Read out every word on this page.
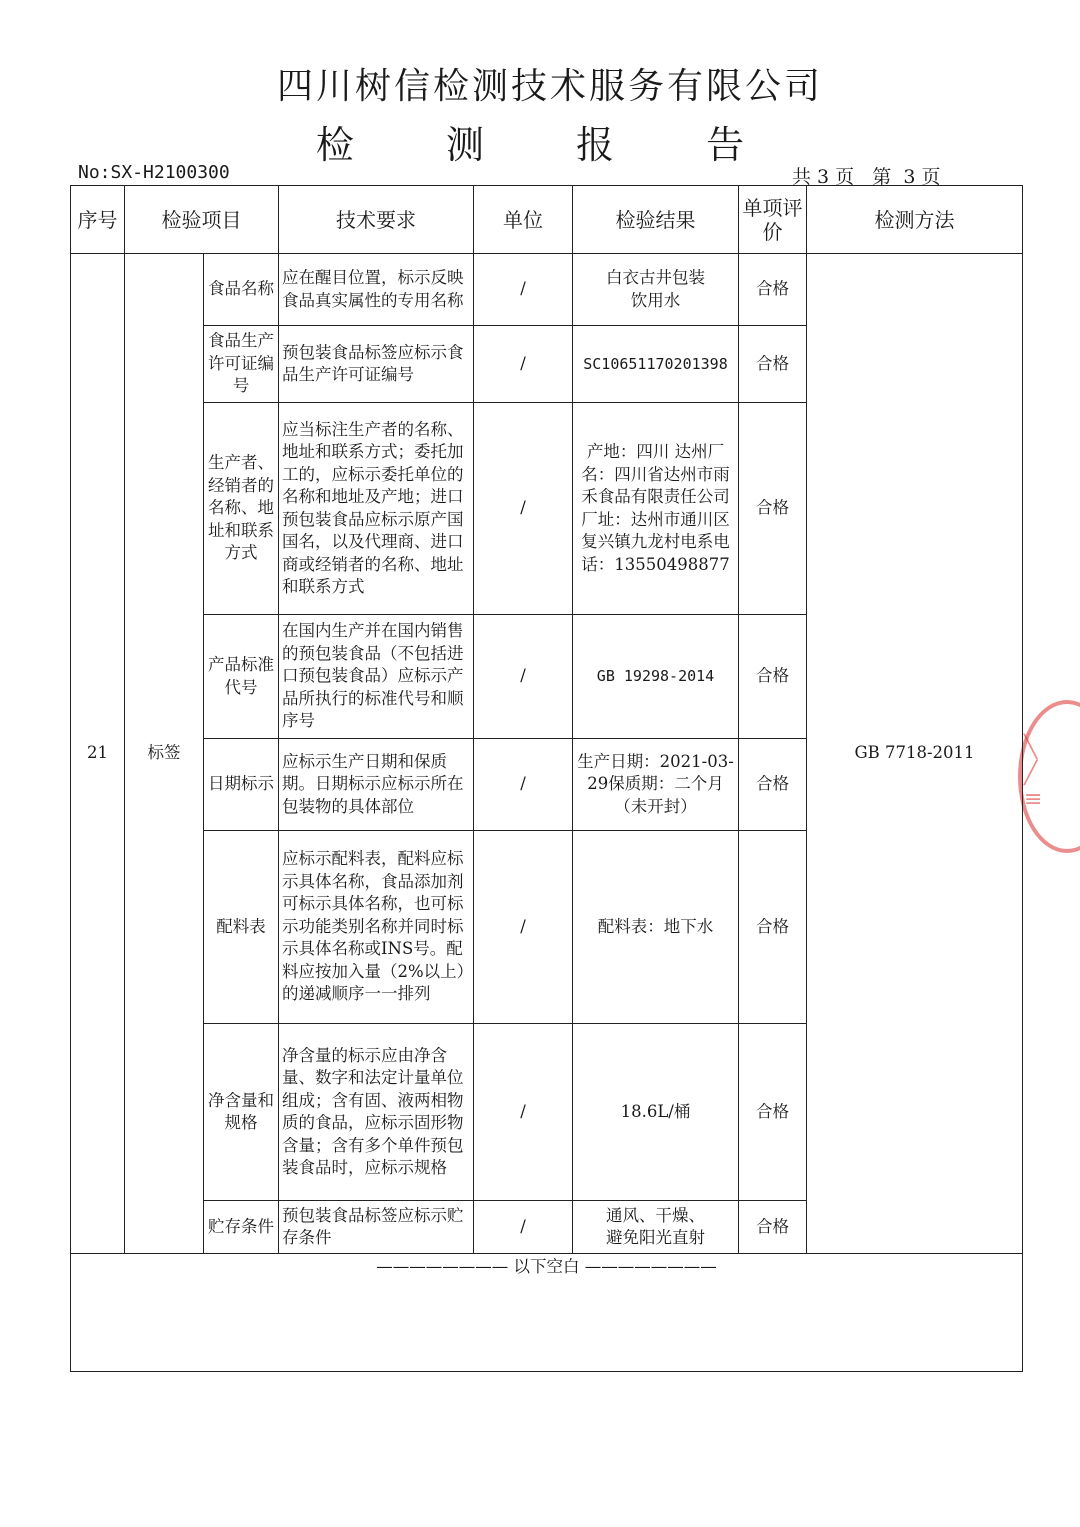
四川树信检测技术服务有限公司
检 测 报 告
No:SX-H2100300	共 3 页   第  3 页
╲
╱
≡
序号	检验项目		技术要求	单位	检验结果	单项评价	检测方法
21	标签	食品名称	应在醒目位置，标示反映食品真实属性的专用名称	/	白衣古井包装饮用水	合格	GB 7718-2011
		食品生产许可证编号	预包装食品标签应标示食品生产许可证编号	/	SC10651170201398	合格	
		生产者、经销者的名称、地址和联系方式	应当标注生产者的名称、地址和联系方式；委托加工的，应标示委托单位的名称和地址及产地；进口预包装食品应标示原产国国名，以及代理商、进口商或经销者的名称、地址和联系方式	/	产地：四川 达州厂名：四川省达州市雨禾食品有限责任公司厂址：达州市通川区复兴镇九龙村电系电话：13550498877	合格	
		产品标准代号	在国内生产并在国内销售的预包装食品（不包括进口预包装食品）应标示产品所执行的标准代号和顺序号	/	GB 19298-2014	合格	
		日期标示	应标示生产日期和保质期。日期标示应标示所在包装物的具体部位	/	生产日期：2021-03-29保质期：二个月（未开封）	合格	
		配料表	应标示配料表，配料应标示具体名称，食品添加剂可标示具体名称，也可标示功能类别名称并同时标示具体名称或INS号。配料应按加入量（2%以上）的递减顺序一一排列	/	配料表：地下水	合格	
		净含量和规格	净含量的标示应由净含量、数字和法定计量单位组成；含有固、液两相物质的食品，应标示固形物含量；含有多个单件预包装食品时，应标示规格	/	18.6L/桶	合格	
		贮存条件	预包装食品标签应标示贮存条件	/	通风、干燥、避免阳光直射	合格	
———————— 以下空白 ————————							
